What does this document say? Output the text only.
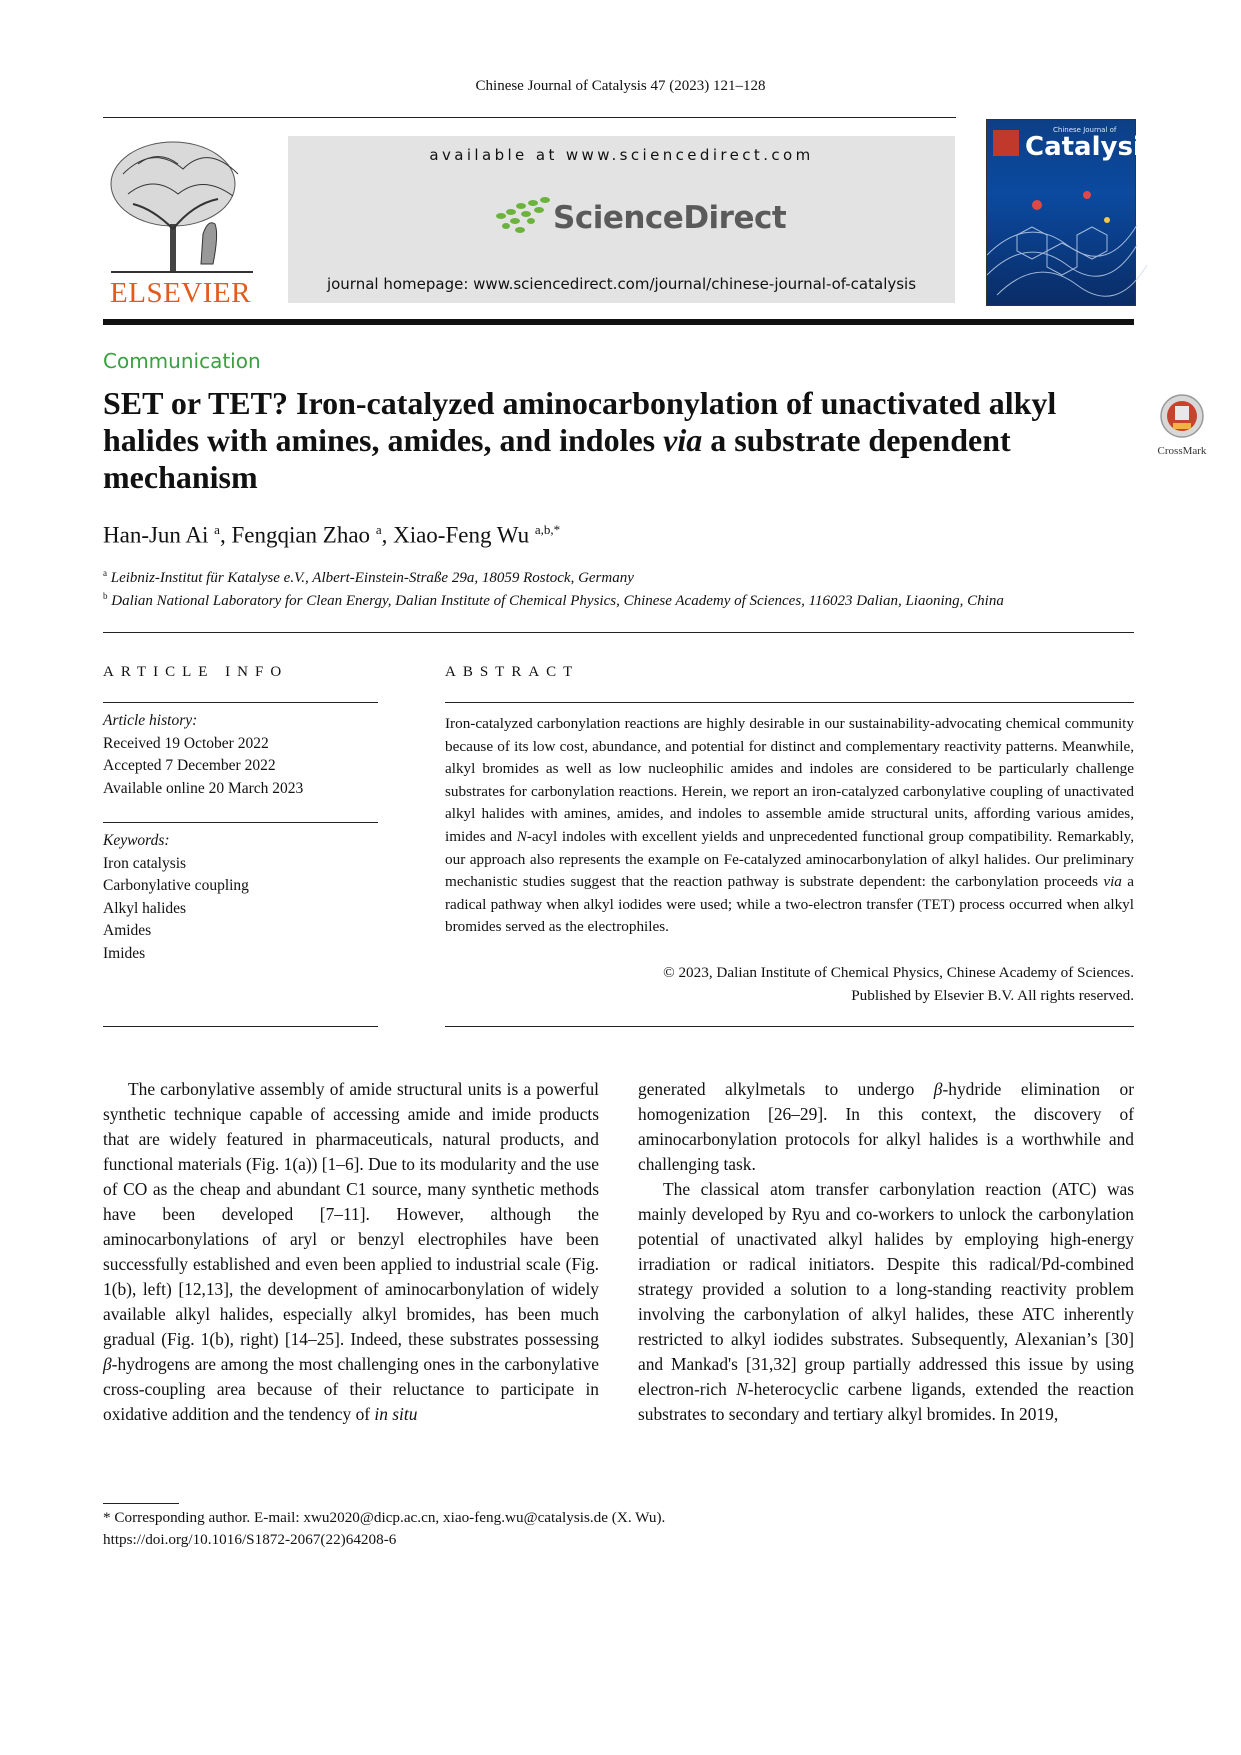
Chinese Journal of Catalysis 47 (2023) 121–128
ELSEVIER
available at www.sciencedirect.com
ScienceDirect
journal homepage: www.sciencedirect.com/journal/chinese-journal-of-catalysis
Chinese Journal of
Catalysis
Communication
SET or TET? Iron-catalyzed aminocarbonylation of unactivated alkyl halides with amines, amides, and indoles via a substrate dependent mechanism
CrossMark
Han-Jun Ai $^a$, Fengqian Zhao $^a$, Xiao-Feng Wu $^{a,b,*}$
$^a$ Leibniz-Institut für Katalyse e.V., Albert-Einstein-Straße 29a, 18059 Rostock, Germany
$^b$ Dalian National Laboratory for Clean Energy, Dalian Institute of Chemical Physics, Chinese Academy of Sciences, 116023 Dalian, Liaoning, China
ARTICLE INFO
Article history:
Received 19 October 2022
Accepted 7 December 2022
Available online 20 March 2023
Keywords:
Iron catalysis
Carbonylative coupling
Alkyl halides
Amides
Imides
ABSTRACT
Iron-catalyzed carbonylation reactions are highly desirable in our sustainability-advocating chemical community because of its low cost, abundance, and potential for distinct and complementary reactivity patterns. Meanwhile, alkyl bromides as well as low nucleophilic amides and indoles are considered to be particularly challenge substrates for carbonylation reactions. Herein, we report an iron-catalyzed carbonylative coupling of unactivated alkyl halides with amines, amides, and indoles to assemble amide structural units, affording various amides, imides and N-acyl indoles with excellent yields and unprecedented functional group compatibility. Remarkably, our approach also represents the example on Fe-catalyzed aminocarbonylation of alkyl halides. Our preliminary mechanistic studies suggest that the reaction pathway is substrate dependent: the carbonylation proceeds via a radical pathway when alkyl iodides were used; while a two-electron transfer (TET) process occurred when alkyl bromides served as the electrophiles.
© 2023, Dalian Institute of Chemical Physics, Chinese Academy of Sciences.
Published by Elsevier B.V. All rights reserved.

The carbonylative assembly of amide structural units is a powerful synthetic technique capable of accessing amide and imide products that are widely featured in pharmaceuticals, natural products, and functional materials (Fig. 1(a)) [1–6]. Due to its modularity and the use of CO as the cheap and abundant C1 source, many synthetic methods have been developed [7–11]. However, although the aminocarbonylations of aryl or benzyl electrophiles have been successfully established and even been applied to industrial scale (Fig. 1(b), left) [12,13], the development of aminocarbonylation of widely available alkyl halides, especially alkyl bromides, has been much gradual (Fig. 1(b), right) [14–25]. Indeed, these substrates possessing β-hydrogens are among the most challenging ones in the carbonylative cross-coupling area because of their reluctance to participate in oxidative addition and the tendency of in situ

generated alkylmetals to undergo β-hydride elimination or homogenization [26–29]. In this context, the discovery of aminocarbonylation protocols for alkyl halides is a worthwhile and challenging task.

The classical atom transfer carbonylation reaction (ATC) was mainly developed by Ryu and co-workers to unlock the carbonylation potential of unactivated alkyl halides by employing high-energy irradiation or radical initiators. Despite this radical/Pd-combined strategy provided a solution to a long-standing reactivity problem involving the carbonylation of alkyl halides, these ATC inherently restricted to alkyl iodides substrates. Subsequently, Alexanian’s [30] and Mankad's [31,32] group partially addressed this issue by using electron-rich N-heterocyclic carbene ligands, extended the reaction substrates to secondary and tertiary alkyl bromides. In 2019,

* Corresponding author. E-mail: xwu2020@dicp.ac.cn, xiao-feng.wu@catalysis.de (X. Wu).
https://doi.org/10.1016/S1872-2067(22)64208-6
